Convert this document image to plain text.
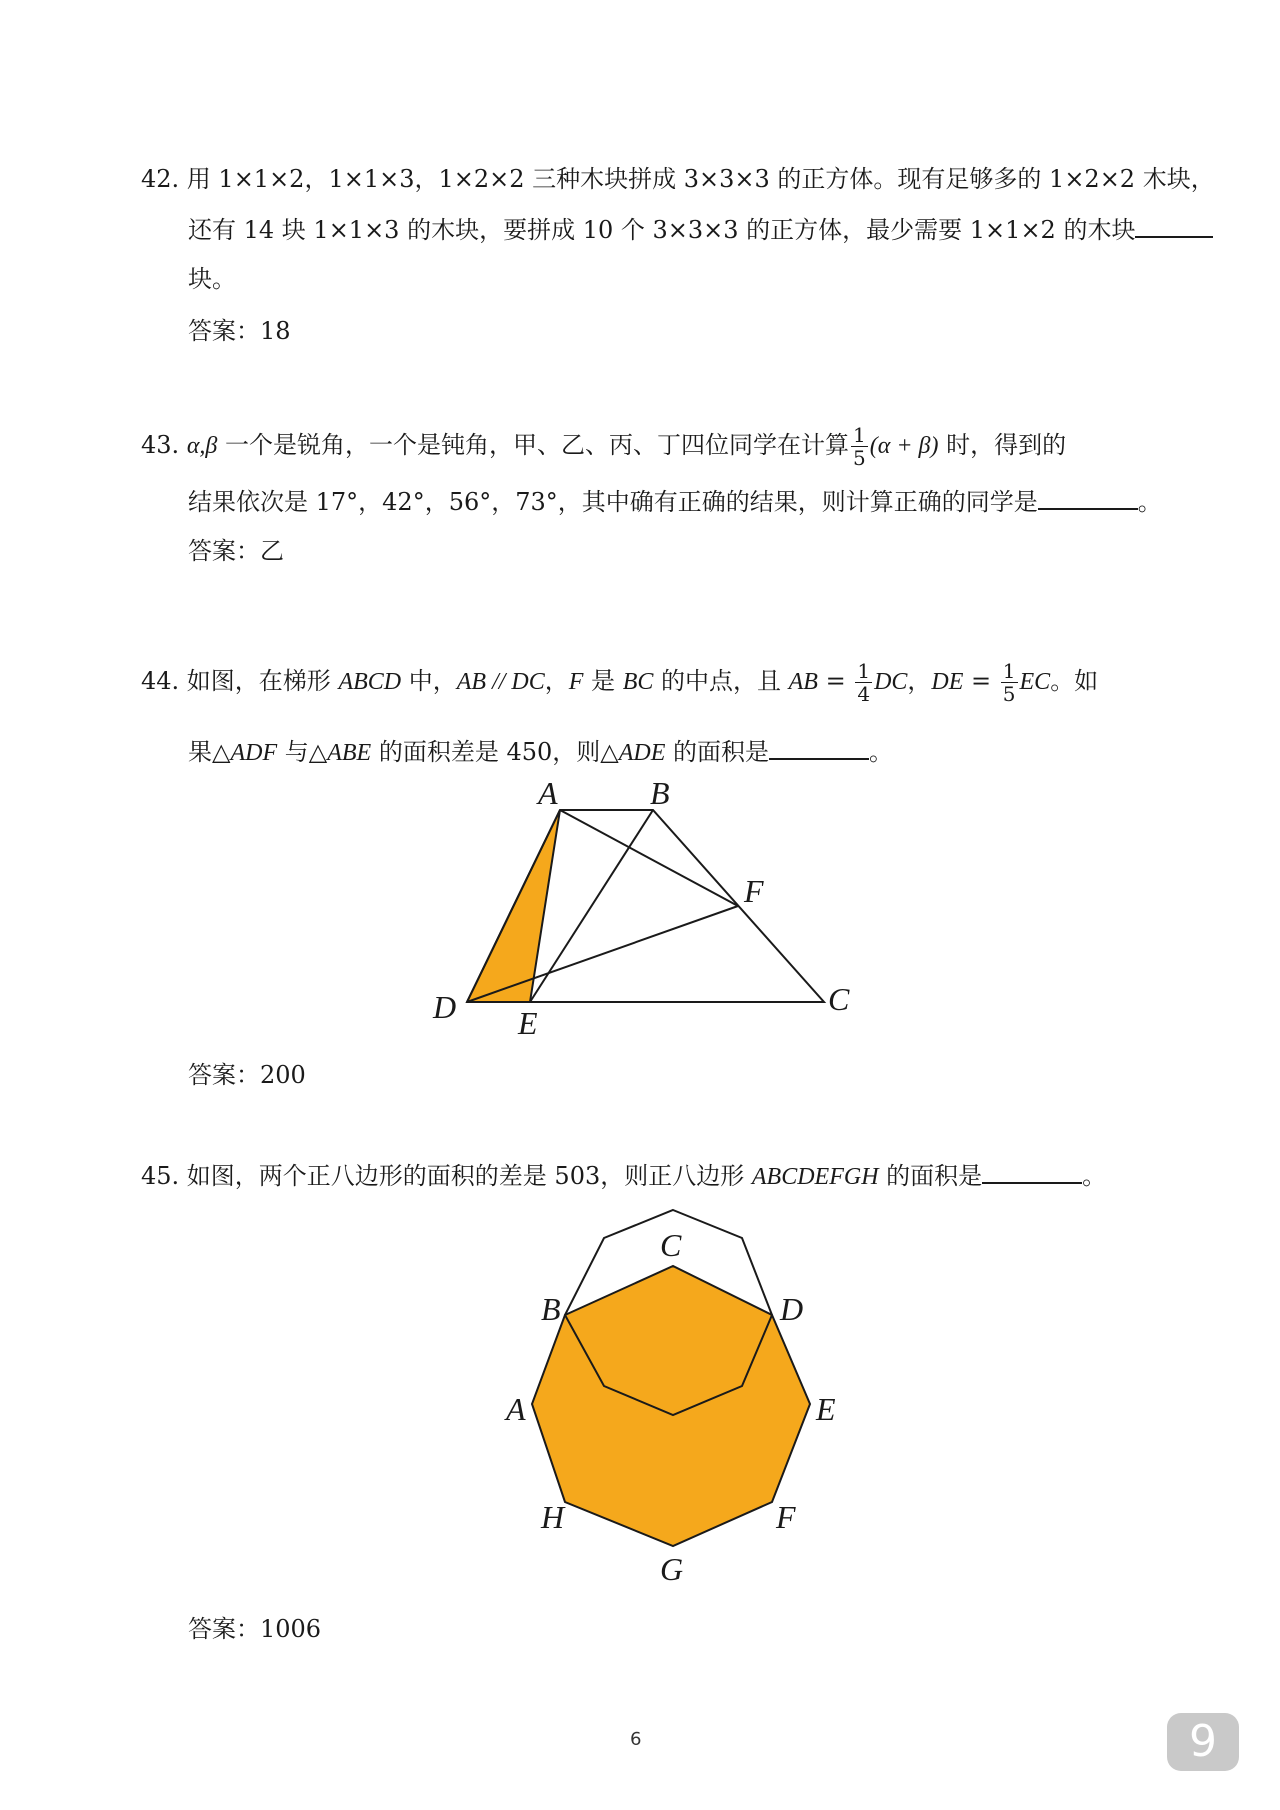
42. 用 1×1×2，1×1×3，1×2×2 三种木块拼成 3×3×3 的正方体。现有足够多的 1×2×2 木块，
还有 14 块 1×1×3 的木块，要拼成 10 个 3×3×3 的正方体，最少需要 1×1×2 的木块
块。
答案：18
43. α,β 一个是锐角，一个是钝角，甲、乙、丙、丁四位同学在计算 $\frac{1}{5} (\alpha + \beta)$ 时，得到的
结果依次是 17°，42°，56°，73°，其中确有正确的结果，则计算正确的同学是	。
答案：乙
44. 如图，在梯形 ABCD 中，AB // DC，F 是 BC 的中点，且 AB = $\frac{1}{4}$ DC，DE = $\frac{1}{5}$ EC。如
果△ADF 与△ABE 的面积差是 450，则△ADE 的面积是	。
A	B
F
C
D E
答案：200
45. 如图，两个正八边形的面积的差是 503，则正八边形 ABCDEFGH 的面积是	。
C
B	D
A	E
H	F
G
答案：1006
9	9
